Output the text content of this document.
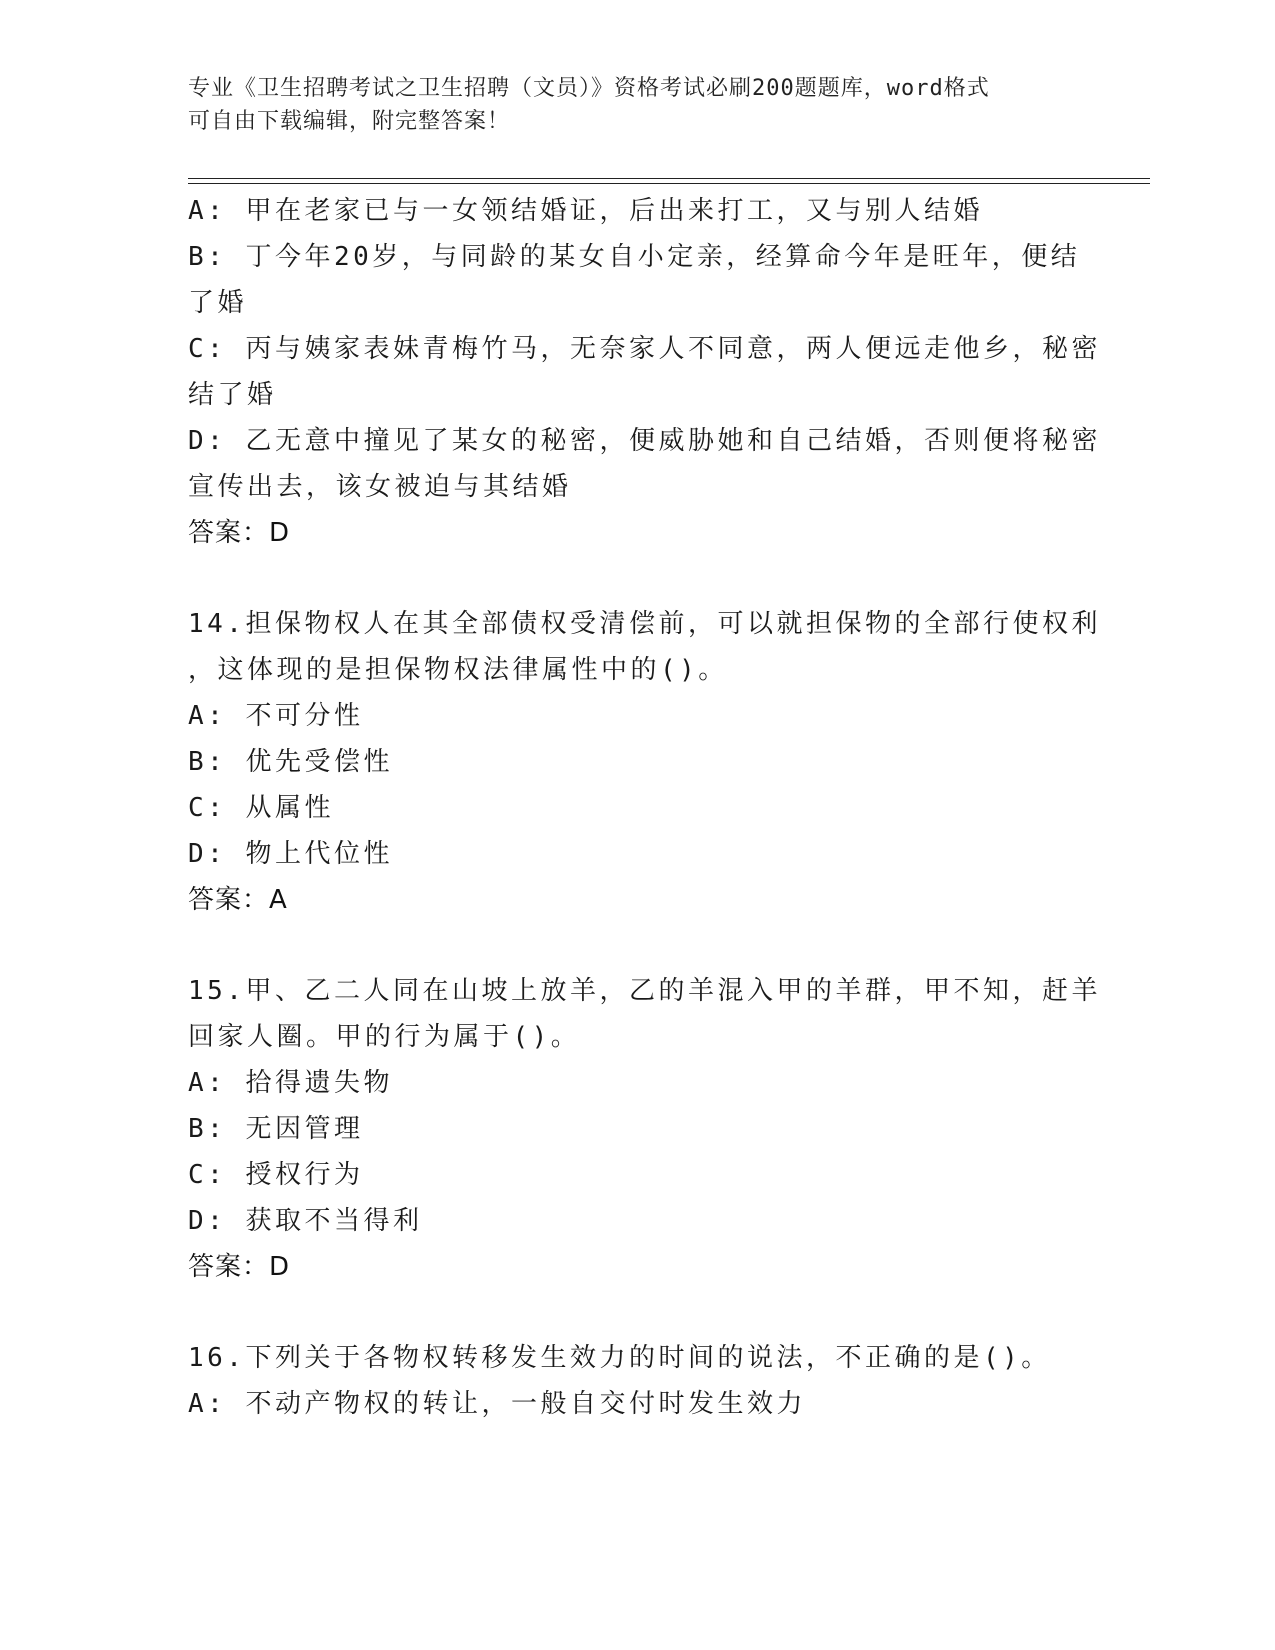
专业《卫生招聘考试之卫生招聘（文员）》资格考试必刷200题题库，word格式
可自由下载编辑，附完整答案！
A: 甲在老家已与一女领结婚证，后出来打工，又与别人结婚
B: 丁今年20岁，与同龄的某女自小定亲，经算命今年是旺年，便结
了婚
C: 丙与姨家表妹青梅竹马，无奈家人不同意，两人便远走他乡，秘密
结了婚
D: 乙无意中撞见了某女的秘密，便威胁她和自己结婚，否则便将秘密
宣传出去，该女被迫与其结婚
答案：D
14.担保物权人在其全部债权受清偿前，可以就担保物的全部行使权利
，这体现的是担保物权法律属性中的()。
A: 不可分性
B: 优先受偿性
C: 从属性
D: 物上代位性
答案：A
15.甲、乙二人同在山坡上放羊，乙的羊混入甲的羊群，甲不知，赶羊
回家人圈。甲的行为属于()。
A: 拾得遗失物
B: 无因管理
C: 授权行为
D: 获取不当得利
答案：D
16.下列关于各物权转移发生效力的时间的说法，不正确的是()。
A: 不动产物权的转让，一般自交付时发生效力
